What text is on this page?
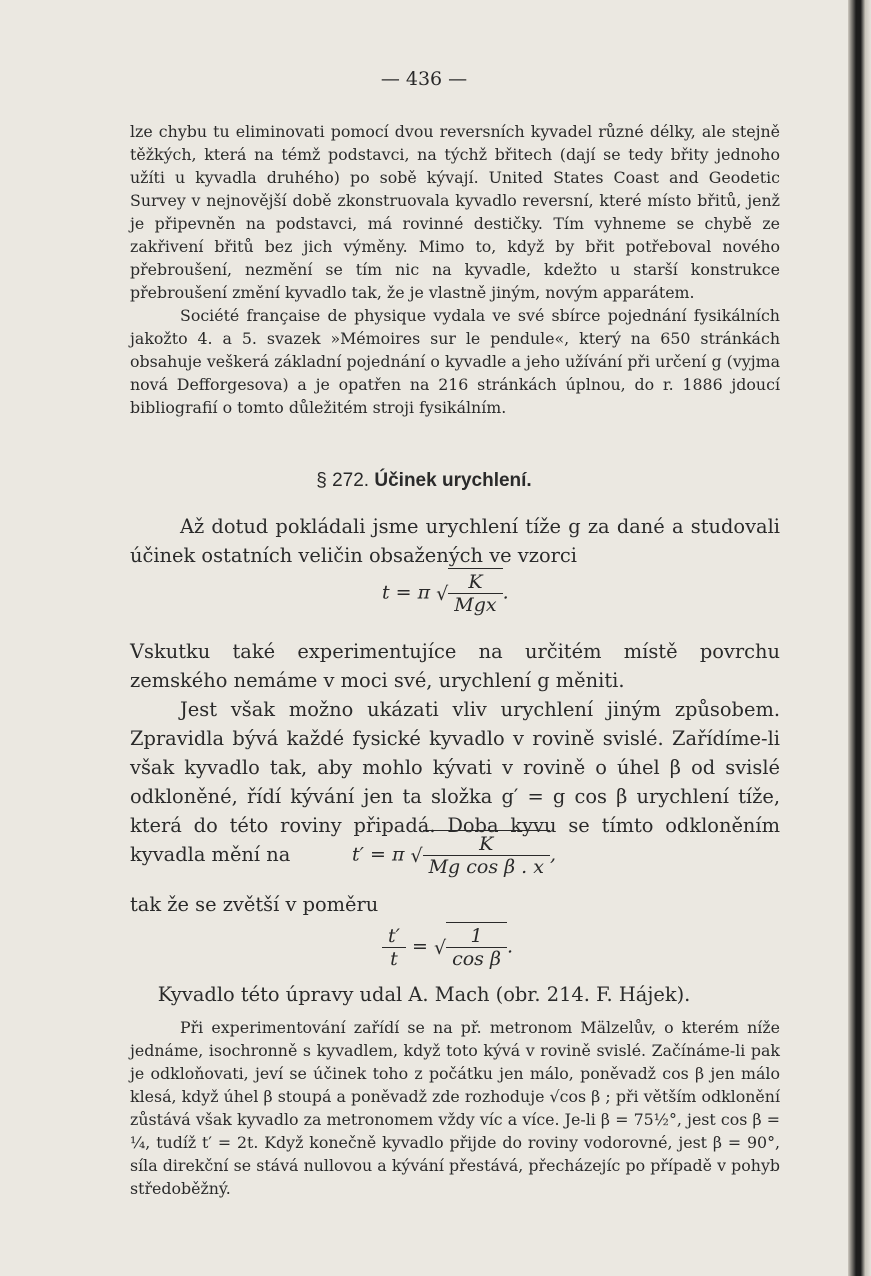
— 436 —

lze chybu tu eliminovati pomocí dvou reversních kyvadel různé délky, ale stejně těžkých, která na témž podstavci, na týchž břitech (dají se tedy břity jednoho užíti u kyvadla druhého) po sobě kývají. United States Coast and Geodetic Survey v nejnovější době zkonstruovala kyvadlo reversní, které místo břitů, jenž je připevněn na podstavci, má rovinné destičky. Tím vyhneme se chybě ze zakřivení břitů bez jich výměny. Mimo to, když by břit potřeboval nového přebroušení, nezmění se tím nic na kyvadle, kdežto u starší konstrukce přebroušení změní kyvadlo tak, že je vlastně jiným, novým apparátem.

Société française de physique vydala ve své sbírce pojednání fysikálních jakožto 4. a 5. svazek »Mémoires sur le pendule«, který na 650 stránkách obsahuje veškerá základní pojednání o kyvadle a jeho užívání při určení g (vyjma nová Defforgesova) a je opatřen na 216 stránkách úplnou, do r. 1886 jdoucí bibliografií o tomto důležitém stroji fysikálním.

§ 272. Účinek urychlení.

Až dotud pokládali jsme urychlení tíže g za dané a studovali účinek ostatních veličin obsažených ve vzorci

t = π √ $\frac{K}{\text{Mgx}}$ .

Vskutku také experimentujíce na určitém místě povrchu zemského nemáme v moci své, urychlení g měniti.

Jest však možno ukázati vliv urychlení jiným způsobem. Zpravidla bývá každé fysické kyvadlo v rovině svislé. Zařídíme-li však kyvadlo tak, aby mohlo kývati v rovině o úhel β od svislé odkloněné, řídí kývání jen ta složka g′ = g cos β urychlení tíže, která do této roviny připadá. Doba kyvu se tímto odkloněním kyvadla mění na	t′ = π √ $\frac{K}{\text{Mg cos β . x}}$ ,

tak že se zvětší v poměru

$\frac{t'}{t}$ = √ $\frac{1}{\text{cos β}}$ .
Kyvadlo této úpravy udal A. Mach (obr. 214. F. Hájek).

Při experimentování zařídí se na př. metronom Mälzelův, o kterém níže jednáme, isochronně s kyvadlem, když toto kývá v rovině svislé. Začínáme-li pak je odkloňovati, jeví se účinek toho z počátku jen málo, poněvadž cos β jen málo klesá, když úhel β stoupá a poněvadž zde rozhoduje √cos β ; při větším odklonění zůstává však kyvadlo za metronomem vždy víc a více. Je-li β = 75½°, jest cos β = ¼, tudíž t′ = 2t. Když konečně kyvadlo přijde do roviny vodorovné, jest β = 90°, síla direkční se stává nullovou a kývání přestává, přecházejíc po případě v pohyb středoběžný.
